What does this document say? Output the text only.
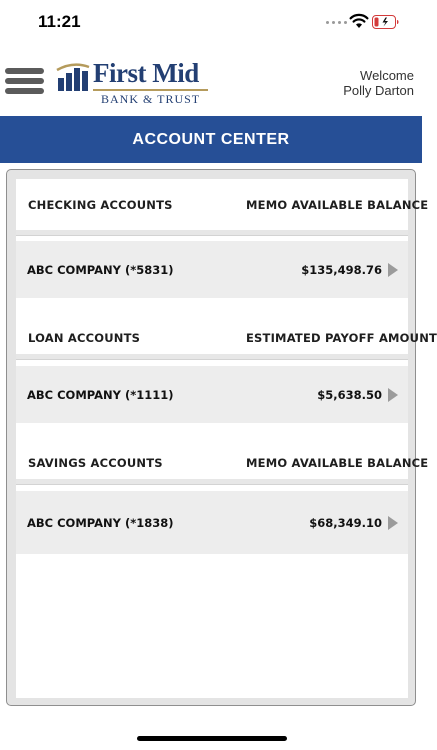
11:21
First Mid
BANK & TRUST
Welcome
Polly Darton
ACCOUNT CENTER
CHECKING ACCOUNTS	MEMO AVAILABLE BALANCE
ABC COMPANY (*5831)	$135,498.76
LOAN ACCOUNTS	ESTIMATED PAYOFF AMOUNT
ABC COMPANY (*1111)	$5,638.50
SAVINGS ACCOUNTS	MEMO AVAILABLE BALANCE
ABC COMPANY (*1838)	$68,349.10
